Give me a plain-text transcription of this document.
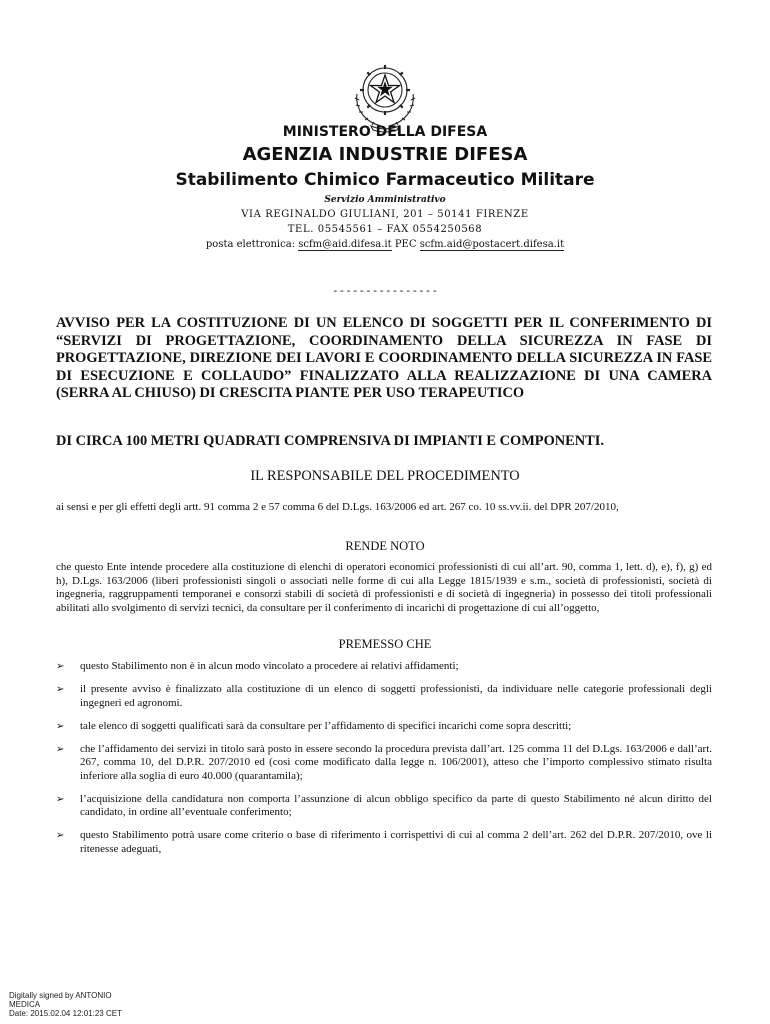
MINISTERO DELLA DIFESA
AGENZIA INDUSTRIE DIFESA
Stabilimento Chimico Farmaceutico Militare
Servizio Amministrativo
VIA REGINALDO GIULIANI, 201 – 50141 FIRENZE
TEL. 05545561 – FAX 0554250568
posta elettronica: scfm@aid.difesa.it PEC scfm.aid@postacert.difesa.it
----------------

AVVISO PER LA COSTITUZIONE DI UN ELENCO DI SOGGETTI PER IL CONFERIMENTO DI “SERVIZI DI PROGETTAZIONE, COORDINAMENTO DELLA SICUREZZA IN FASE DI PROGETTAZIONE, DIREZIONE DEI LAVORI E COORDINAMENTO DELLA SICUREZZA IN FASE DI ESECUZIONE E COLLAUDO” FINALIZZATO ALLA REALIZZAZIONE DI UNA CAMERA (SERRA AL CHIUSO) DI CRESCITA PIANTE PER USO TERAPEUTICO

DI CIRCA 100 METRI QUADRATI COMPRENSIVA DI IMPIANTI E COMPONENTI.

IL RESPONSABILE DEL PROCEDIMENTO

ai sensi e per gli effetti degli artt. 91 comma 2 e 57 comma 6 del D.Lgs. 163/2006 ed art. 267 co. 10 ss.vv.ii. del DPR 207/2010,

RENDE NOTO

che questo Ente intende procedere alla costituzione di elenchi di operatori economici professionisti di cui all’art. 90, comma 1, lett. d), e), f), g) ed h), D.Lgs. 163/2006 (liberi professionisti singoli o associati nelle forme di cui alla Legge 1815/1939 e s.m., società di professionisti, società di ingegneria, raggruppamenti temporanei e consorzi stabili di società di professionisti e di società di ingegneria) in possesso dei titoli professionali abilitati allo svolgimento di servizi tecnici, da consultare per il conferimento di incarichi di progettazione di cui all’oggetto,

PREMESSO CHE
➢ questo Stabilimento non è in alcun modo vincolato a procedere ai relativi affidamenti;
➢ il presente avviso è finalizzato alla costituzione di un elenco di soggetti professionisti, da individuare nelle categorie professionali degli ingegneri ed agronomi.
➢ tale elenco di soggetti qualificati sarà da consultare per l’affidamento di specifici incarichi come sopra descritti;
➢ che l’affidamento dei servizi in titolo sarà posto in essere secondo la procedura prevista dall’art. 125 comma 11 del D.Lgs. 163/2006 e dall’art. 267, comma 10, del D.P.R. 207/2010 ed (così come modificato dalla legge n. 106/2001), atteso che l’importo complessivo stimato risulta inferiore alla soglia di euro 40.000 (quarantamila);
➢ l’acquisizione della candidatura non comporta l’assunzione di alcun obbligo specifico da parte di questo Stabilimento né alcun diritto del candidato, in ordine all’eventuale conferimento;
➢ questo Stabilimento potrà usare come criterio o base di riferimento i corrispettivi di cui al comma 2 dell’art. 262 del D.P.R. 207/2010, ove li ritenesse adeguati,
Digitally signed by ANTONIO
MEDICA
Date: 2015.02.04 12:01:23 CET
